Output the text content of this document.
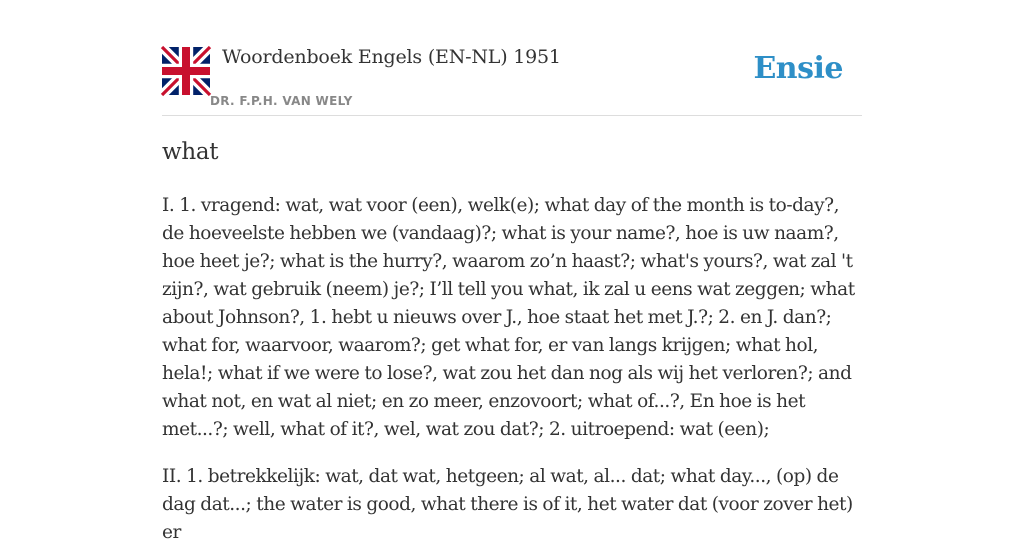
Woordenboek Engels (EN-NL) 1951
DR. F.P.H. VAN WELY
Ensie
what

I. 1. vragend: wat, wat voor (een), welk(e); what day of the month is to-day?, de hoeveelste hebben we (vandaag)?; what is your name?, hoe is uw naam?, hoe heet je?; what is the hurry?, waarom zo’n haast?; what's yours?, wat zal 't zijn?, wat gebruik (neem) je?; I’ll tell you what, ik zal u eens wat zeggen; what about Johnson?, 1. hebt u nieuws over J., hoe staat het met J.?; 2. en J. dan?; what for, waarvoor, waarom?; get what for, er van langs krijgen; what hol, hela!; what if we were to lose?, wat zou het dan nog als wij het verloren?; and what not, en wat al niet; en zo meer, enzovoort; what of...?, En hoe is het met...?; well, what of it?, wel, wat zou dat?; 2. uitroepend: wat (een);

II. 1. betrekkelijk: wat, dat wat, hetgeen; al wat, al... dat; what day..., (op) de dag dat...; the water is good, what there is of it, het water dat (voor zover het) er
